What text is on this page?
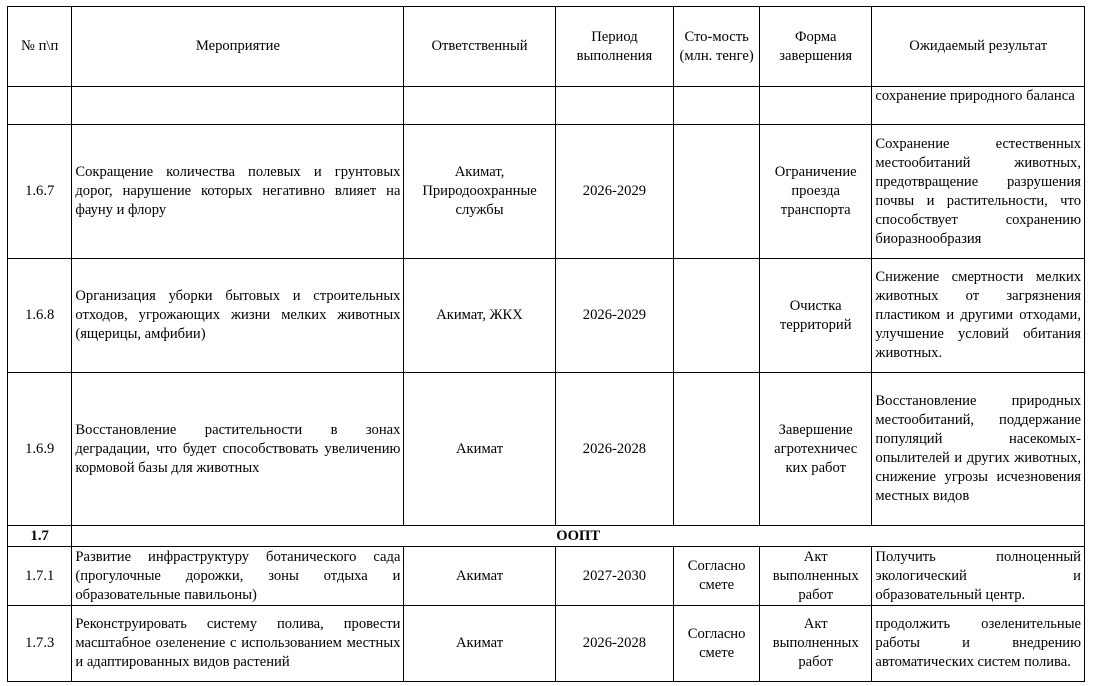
№ п\п	Мероприятие	Ответственный	Период выполнения	Сто-мость (млн. тенге)	Форма завершения	Ожидаемый результат
						сохранение природного баланса
1.6.7	Сокращение количества полевых и грунтовых дорог, нарушение которых негативно влияет на фауну и флору	Акимат, Природоохранные службы	2026-2029		Ограничение проезда транспорта	Сохранение естественных местообитаний животных, предотвращение разрушения почвы и растительности, что способствует сохранению биоразнообразия
1.6.8	Организация уборки бытовых и строительных отходов, угрожающих жизни мелких животных (ящерицы, амфибии)	Акимат, ЖКХ	2026-2029		Очистка территорий	Снижение смертности мелких животных от загрязнения пластиком и другими отходами, улучшение условий обитания животных.
1.6.9	Восстановление растительности в зонах деградации, что будет способствовать увеличению кормовой базы для животных	Акимат	2026-2028		Завершение агротехничес ких работ	Восстановление природных местообитаний, поддержание популяций насекомых-опылителей и других животных, снижение угрозы исчезновения местных видов
1.7	ООПТ					
1.7.1	Развитие инфраструктуру ботанического сада (прогулочные дорожки, зоны отдыха и образовательные павильоны)	Акимат	2027-2030	Согласно смете	Акт выполненных работ	Получить полноценный экологический и образовательный центр.
1.7.3	Реконструировать систему полива, провести масштабное озеленение с использованием местных и адаптированных видов растений	Акимат	2026-2028	Согласно смете	Акт выполненных работ	продолжить озеленительные работы и внедрению автоматических систем полива.
